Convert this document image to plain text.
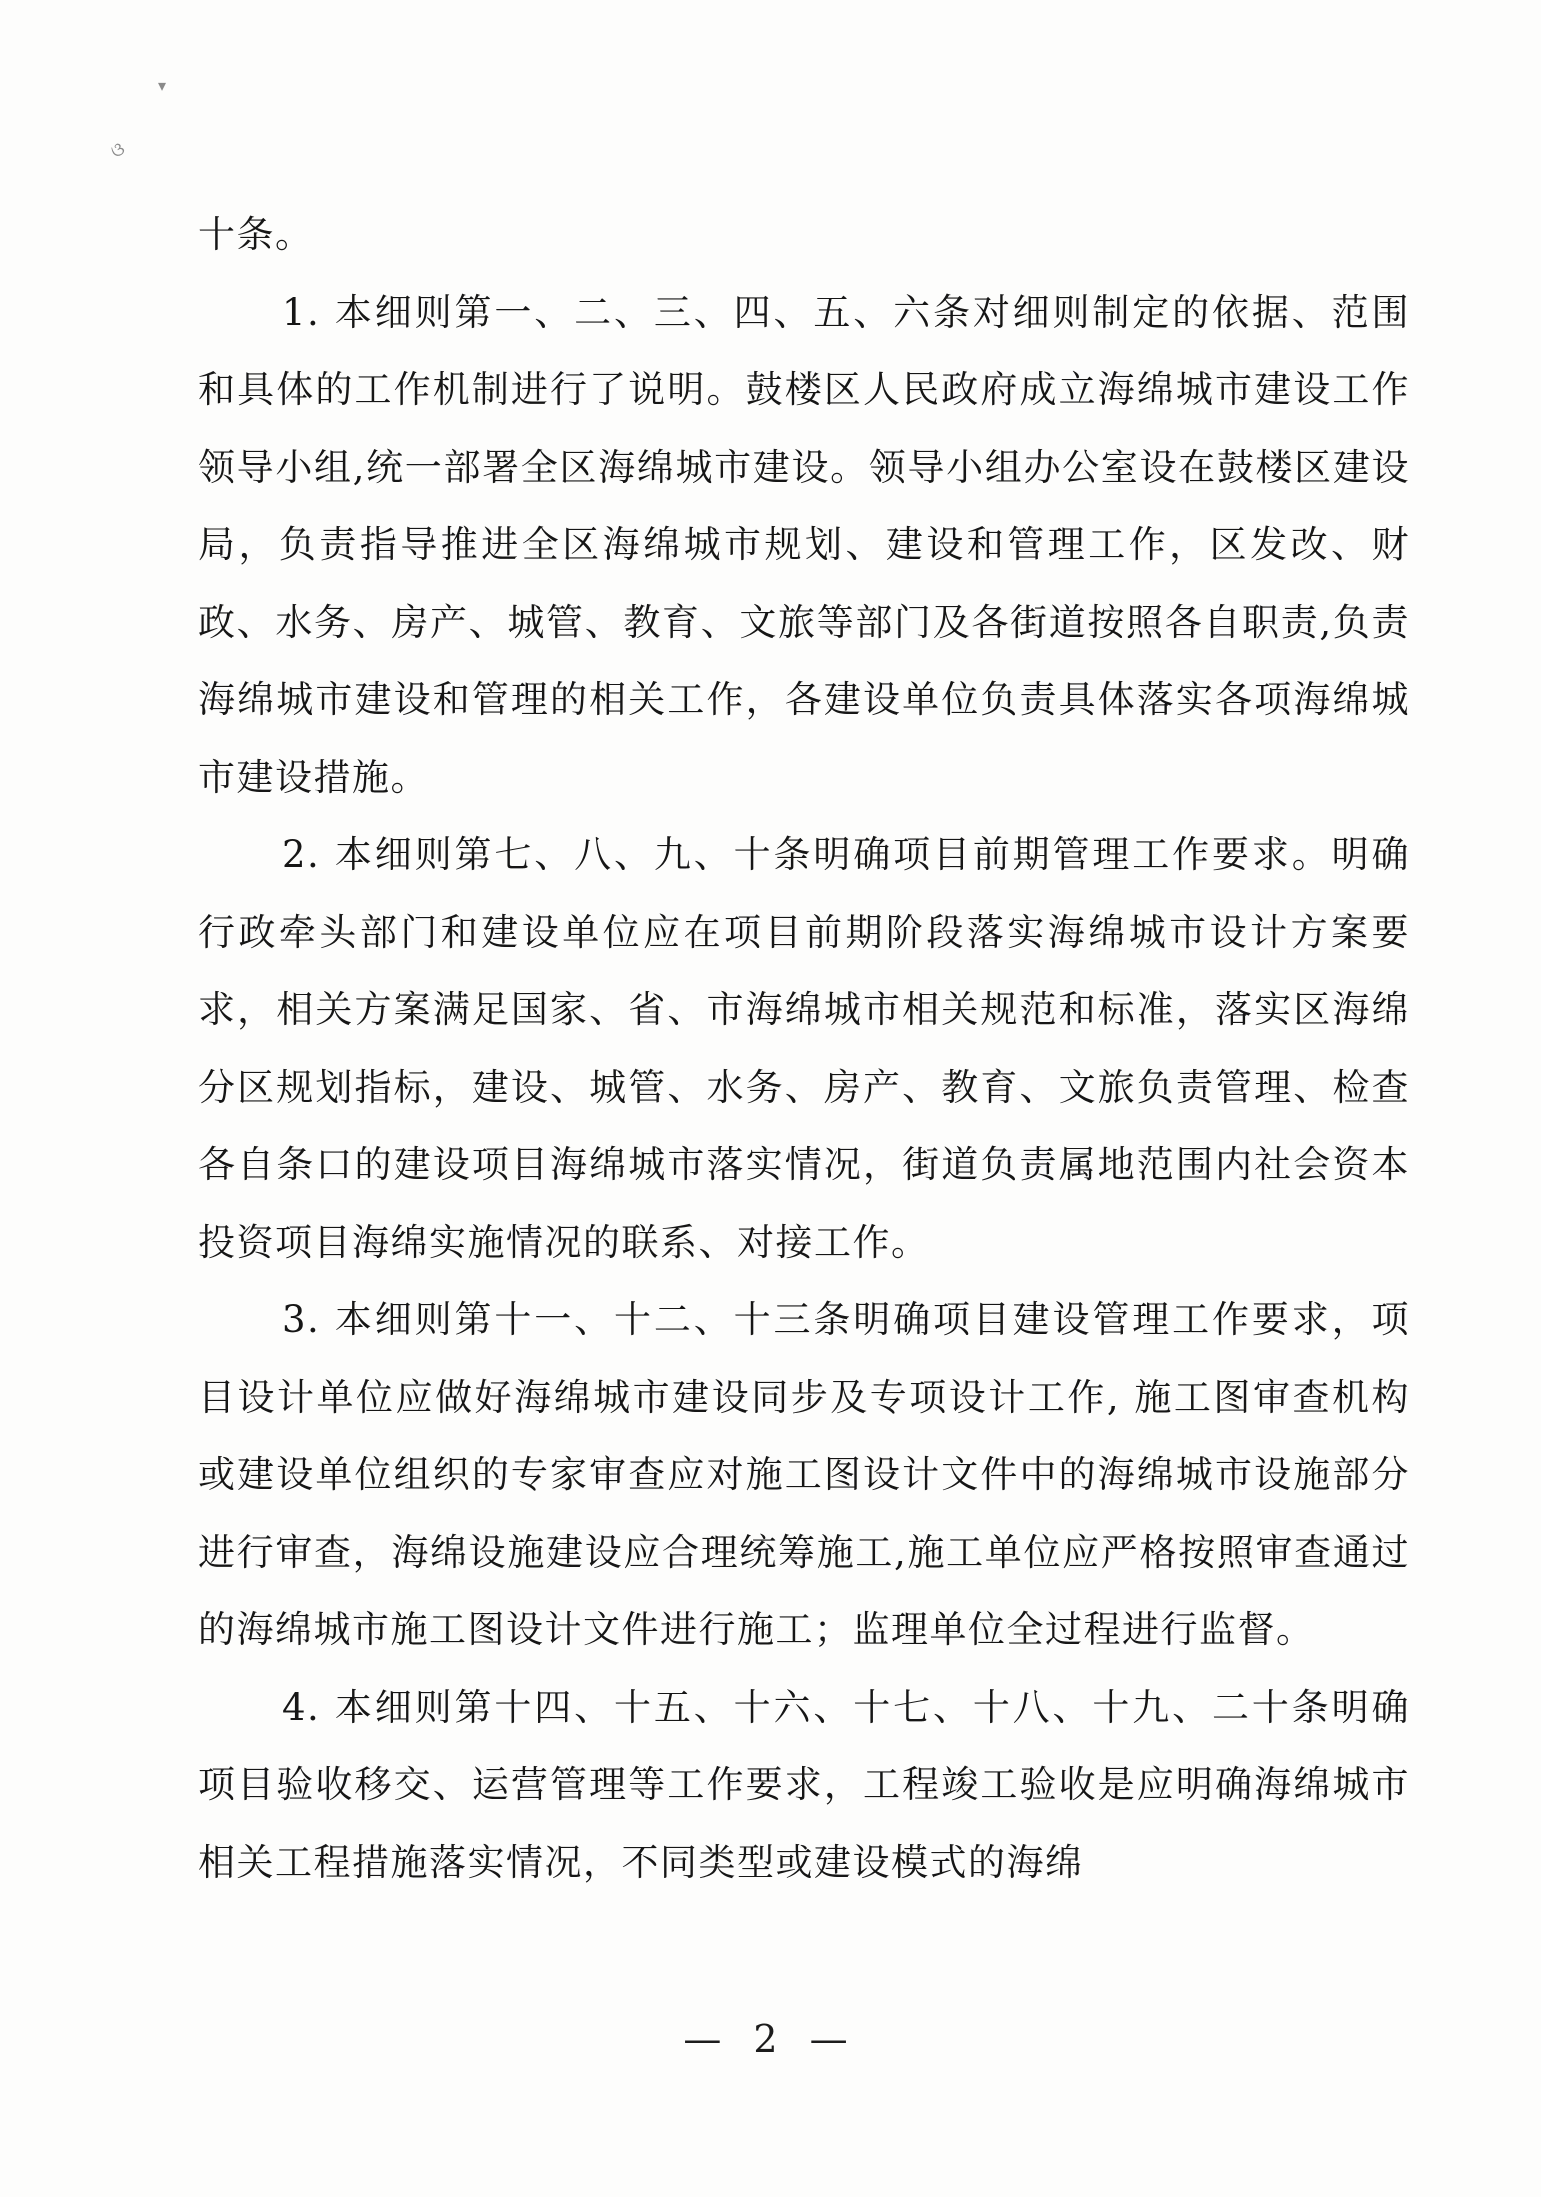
▾
ଓ

十条。

1. 本细则第一、二、三、四、五、六条对细则制定的依据、范围和具体的工作机制进行了说明。鼓楼区人民政府成立海绵城市建设工作领导小组,统一部署全区海绵城市建设。领导小组办公室设在鼓楼区建设局，负责指导推进全区海绵城市规划、建设和管理工作，区发改、财政、水务、房产、城管、教育、文旅等部门及各街道按照各自职责,负责海绵城市建设和管理的相关工作，各建设单位负责具体落实各项海绵城市建设措施。

2. 本细则第七、八、九、十条明确项目前期管理工作要求。明确行政牵头部门和建设单位应在项目前期阶段落实海绵城市设计方案要求，相关方案满足国家、省、市海绵城市相关规范和标准，落实区海绵分区规划指标，建设、城管、水务、房产、教育、文旅负责管理、检查各自条口的建设项目海绵城市落实情况，街道负责属地范围内社会资本投资项目海绵实施情况的联系、对接工作。

3. 本细则第十一、十二、十三条明确项目建设管理工作要求，项目设计单位应做好海绵城市建设同步及专项设计工作, 施工图审查机构或建设单位组织的专家审查应对施工图设计文件中的海绵城市设施部分进行审查，海绵设施建设应合理统筹施工,施工单位应严格按照审查通过的海绵城市施工图设计文件进行施工；监理单位全过程进行监督。

4. 本细则第十四、十五、十六、十七、十八、十九、二十条明确项目验收移交、运营管理等工作要求，工程竣工验收是应明确海绵城市相关工程措施落实情况，不同类型或建设模式的海绵

— 2 —
